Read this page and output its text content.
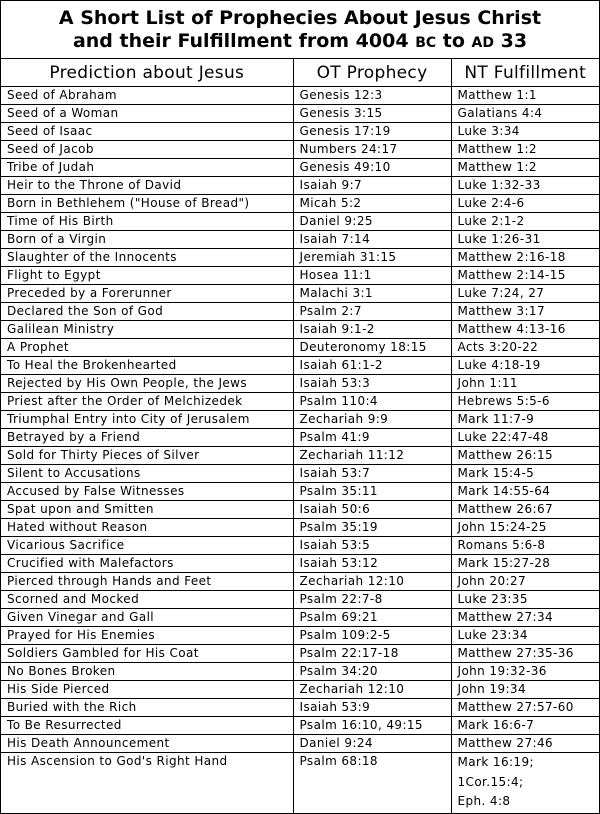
A Short List of Prophecies About Jesus Christ
and their Fulfillment from 4004 BC to AD 33
Prediction about Jesus	OT Prophecy	NT Fulfillment
Seed of Abraham	Genesis 12:3	Matthew 1:1
Seed of a Woman	Genesis 3:15	Galatians 4:4
Seed of Isaac	Genesis 17:19	Luke 3:34
Seed of Jacob	Numbers 24:17	Matthew 1:2
Tribe of Judah	Genesis 49:10	Matthew 1:2
Heir to the Throne of David	Isaiah 9:7	Luke 1:32-33
Born in Bethlehem ("House of Bread")	Micah 5:2	Luke 2:4-6
Time of His Birth	Daniel 9:25	Luke 2:1-2
Born of a Virgin	Isaiah 7:14	Luke 1:26-31
Slaughter of the Innocents	Jeremiah 31:15	Matthew 2:16-18
Flight to Egypt	Hosea 11:1	Matthew 2:14-15
Preceded by a Forerunner	Malachi 3:1	Luke 7:24, 27
Declared the Son of God	Psalm 2:7	Matthew 3:17
Galilean Ministry	Isaiah 9:1-2	Matthew 4:13-16
A Prophet	Deuteronomy 18:15	Acts 3:20-22
To Heal the Brokenhearted	Isaiah 61:1-2	Luke 4:18-19
Rejected by His Own People, the Jews	Isaiah 53:3	John 1:11
Priest after the Order of Melchizedek	Psalm 110:4	Hebrews 5:5-6
Triumphal Entry into City of Jerusalem	Zechariah 9:9	Mark 11:7-9
Betrayed by a Friend	Psalm 41:9	Luke 22:47-48
Sold for Thirty Pieces of Silver	Zechariah 11:12	Matthew 26:15
Silent to Accusations	Isaiah 53:7	Mark 15:4-5
Accused by False Witnesses	Psalm 35:11	Mark 14:55-64
Spat upon and Smitten	Isaiah 50:6	Matthew 26:67
Hated without Reason	Psalm 35:19	John 15:24-25
Vicarious Sacrifice	Isaiah 53:5	Romans 5:6-8
Crucified with Malefactors	Isaiah 53:12	Mark 15:27-28
Pierced through Hands and Feet	Zechariah 12:10	John 20:27
Scorned and Mocked	Psalm 22:7-8	Luke 23:35
Given Vinegar and Gall	Psalm 69:21	Matthew 27:34
Prayed for His Enemies	Psalm 109:2-5	Luke 23:34
Soldiers Gambled for His Coat	Psalm 22:17-18	Matthew 27:35-36
No Bones Broken	Psalm 34:20	John 19:32-36
His Side Pierced	Zechariah 12:10	John 19:34
Buried with the Rich	Isaiah 53:9	Matthew 27:57-60
To Be Resurrected	Psalm 16:10, 49:15	Mark 16:6-7
His Death Announcement	Daniel 9:24	Matthew 27:46
His Ascension to God's Right Hand	Psalm 68:18	Mark 16:19;
1Cor.15:4;
Eph. 4:8
